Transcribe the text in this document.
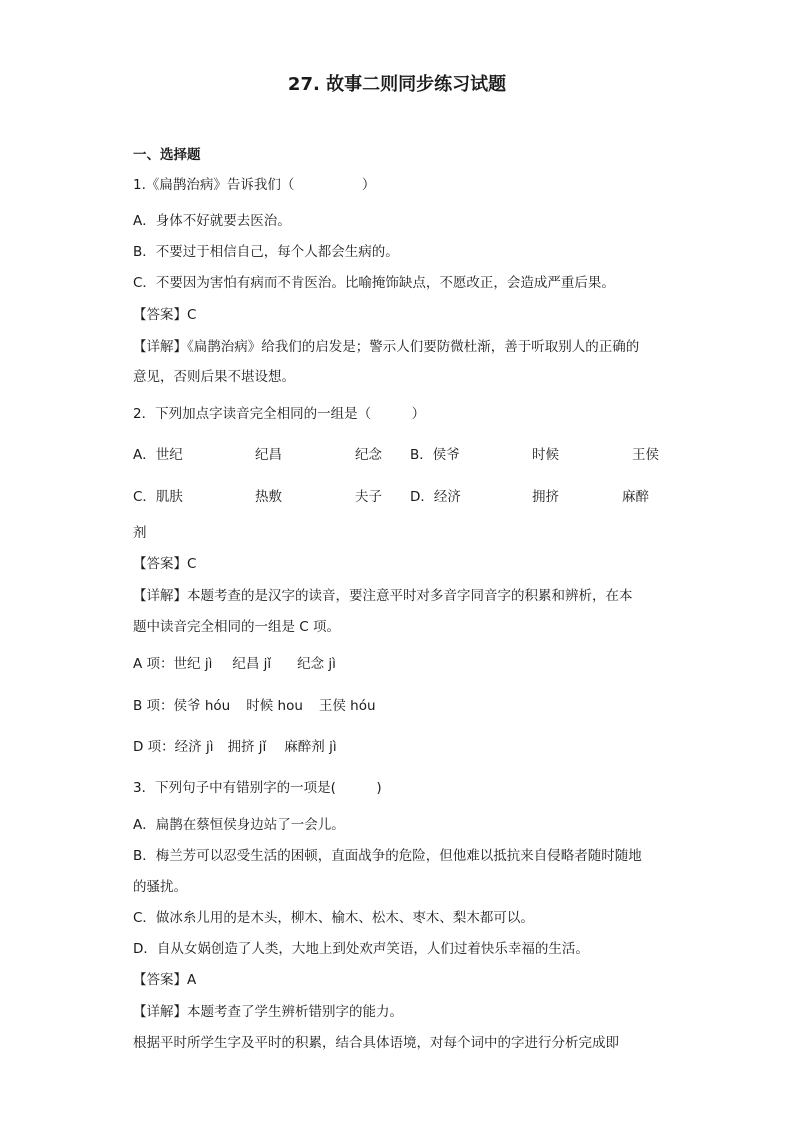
27. 故事二则同步练习试题
一、选择题
1.《扁鹊治病》告诉我们（　　　　　）
A．身体不好就要去医治。
B．不要过于相信自己，每个人都会生病的。
C．不要因为害怕有病而不肯医治。比喻掩饰缺点，不愿改正，会造成严重后果。
【答案】C
【详解】《扁鹊治病》给我们的启发是；警示人们要防微杜渐，善于听取别人的正确的
意见，否则后果不堪设想。
2．下列加点字读音完全相同的一组是（　　　）
A．世纪	纪昌	纪念 B．侯爷	时候	王侯
C．肌肤	热敷	夫子 D．经济	拥挤	麻醉
剂
【答案】C
【详解】本题考查的是汉字的读音，要注意平时对多音字同音字的积累和辨析，在本
题中读音完全相同的一组是 C 项。
A 项：世纪 jì 纪昌 jǐ 纪念 jì
B 项：侯爷 hóu 时候 hou 王侯 hóu
D 项：经济 jì 拥挤 jǐ 麻醉剂 jì
3．下列句子中有错别字的一项是(　　　)
A．扁鹊在蔡恒侯身边站了一会儿。
B．梅兰芳可以忍受生活的困顿，直面战争的危险，但他难以抵抗来自侵略者随时随地
的骚扰。
C．做冰糸儿用的是木头，柳木、榆木、松木、枣木、梨木都可以。
D．自从女娲创造了人类，大地上到处欢声笑语，人们过着快乐幸福的生活。
【答案】A
【详解】本题考查了学生辨析错别字的能力。
根据平时所学生字及平时的积累，结合具体语境，对每个词中的字进行分析完成即
